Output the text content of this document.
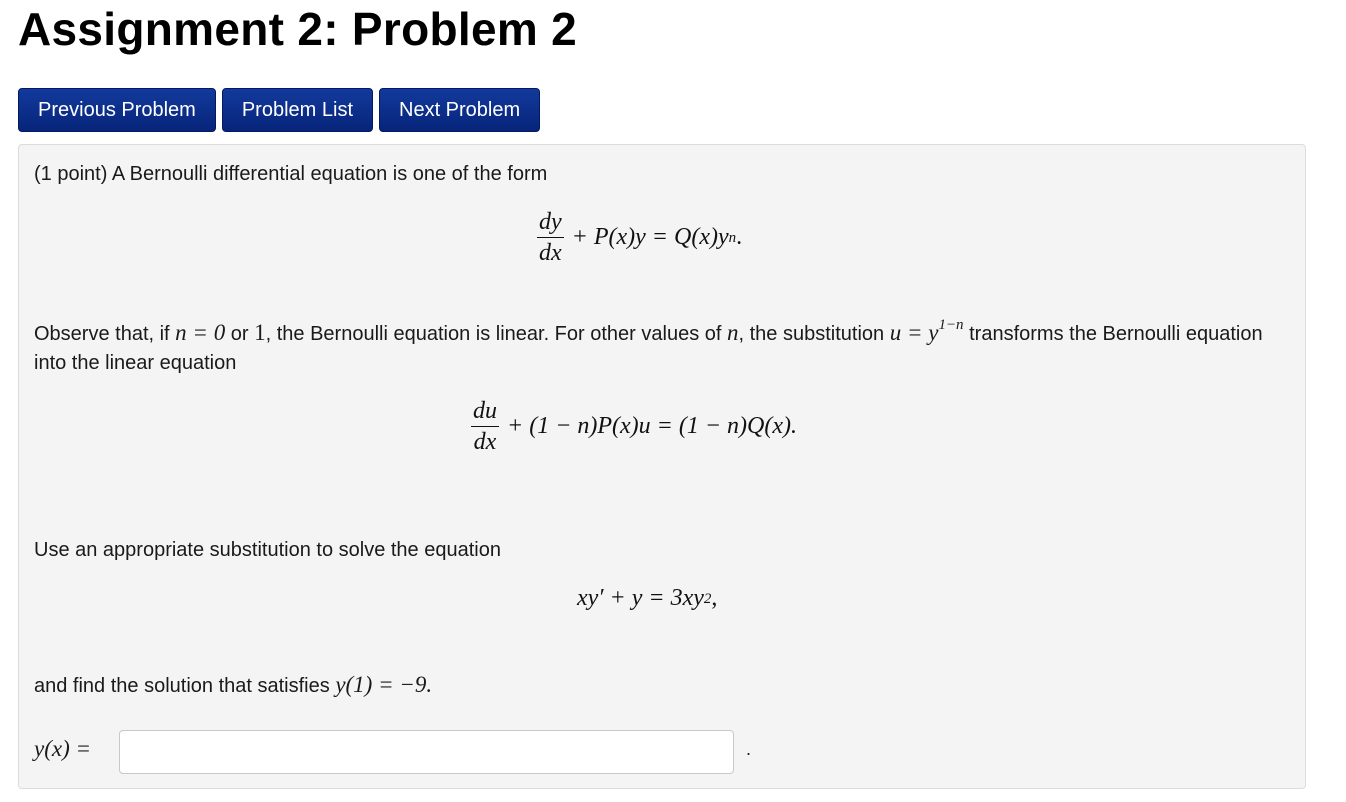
Assignment 2: Problem 2
Previous Problem	Problem List	Next Problem
(1 point) A Bernoulli differential equation is one of the form
$\frac{dy}{dx} + P(x)y = Q(x)y$ n .
Observe that, if n = 0 or 1, the Bernoulli equation is linear. For other values of n, the substitution $u = y^{1-n}$ transforms the Bernoulli equation into the linear equation
$\frac{du}{dx} + (1 - n)P(x)u = (1 - n)Q(x)$.
Use an appropriate substitution to solve the equation
xy′ + y = 3xy 2 ,
and find the solution that satisfies y(1) = −9.
y(x) =	.
